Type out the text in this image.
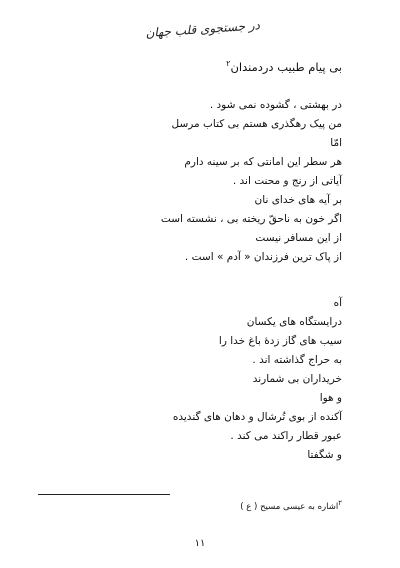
در جستجوی قلب جهان
بی پیام طبیب دردمندان$^۲$
در بهشتی ، گشوده نمی شود .
من پیک رهگذری هستم بی کتاب مرسل
امّا
هر سطر این امانتی که بر سینه دارم
آیاتی از رنج و محنت اند .
بر آیه های خدای نان
اگر خون به ناحقّ ریخته بی ، نشسته است
از این مسافر نیست
از پاک ترین فرزندان « آدم » است .
آه
درایستگاه های یکسان
سیب های گاز زدهٔ باغ خدا را
به حراج گذاشته اند .
خریداران بی شمارند
و هوا
آکنده از بوی تُرشال و دهان های گندیده
عبور قطار راکند می کند .
و شگفتا
$^۲$اشاره به عیسی مسیح ( ع )
۱۱
